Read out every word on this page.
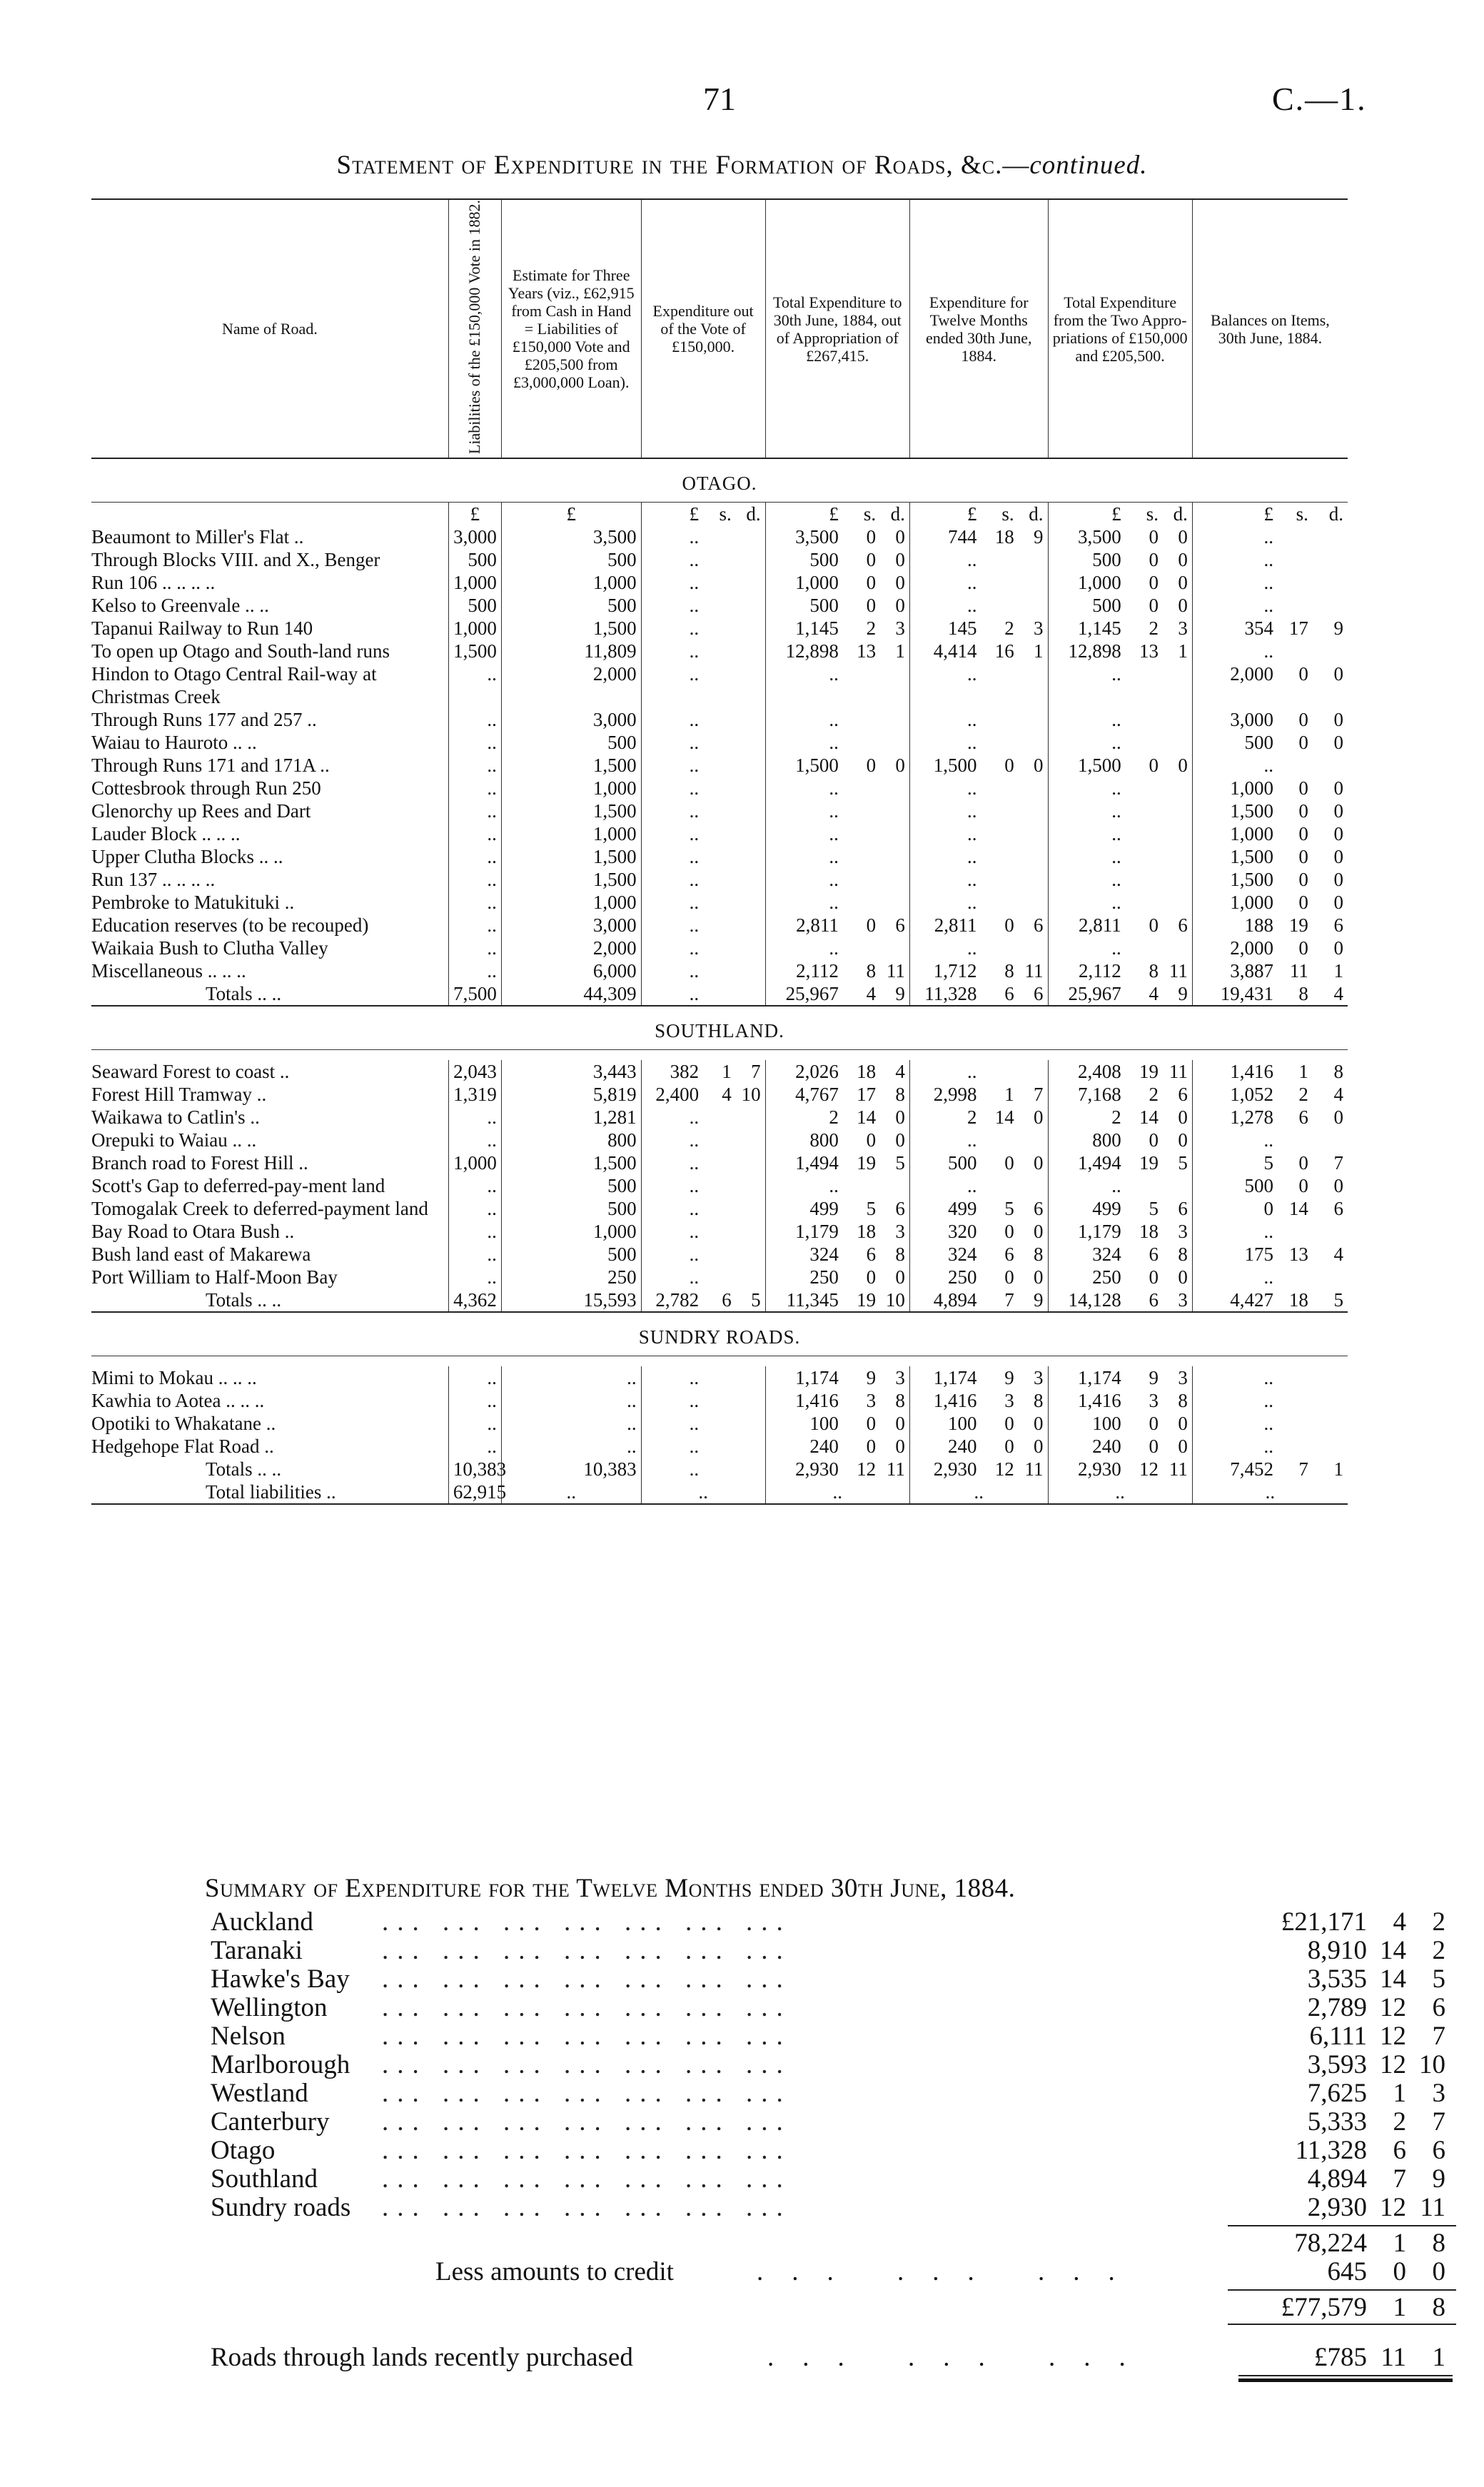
71	C.—1.
Statement of Expenditure in the Formation of Roads, &c.—continued.
Name of Road.	Liabilities of the £150,000 Vote in 1882.	Estimate for Three Years (viz., £62,915 from Cash in Hand = Liabilities of £150,000 Vote and £205,500 from £3,000,000 Loan).	Expenditure out of the Vote of £150,000.			Total Expenditure to 30th June, 1884, out of Appropriation of £267,415.			Expenditure for Twelve Months ended 30th June, 1884.			Total Expenditure from the Two Appropriations of £150,000 and £205,500.			Balances on Items, 30th June, 1884.		
OTAGO.																	
	£	£	£	s.	d.	£	s.	d.	£	s.	d.	£	s.	d.	£	s.	d.
Beaumont to Miller's Flat ..	3,000	3,500	..			3,500	0	0	744	18	9	3,500	0	0	..		
Through Blocks VIII. and X., Benger	500	500	..			500	0	0	..			500	0	0	..		
Run 106 .. .. .. ..	1,000	1,000	..			1,000	0	0	..			1,000	0	0	..		
Kelso to Greenvale .. ..	500	500	..			500	0	0	..			500	0	0	..		
Tapanui Railway to Run 140	1,000	1,500	..			1,145	2	3	145	2	3	1,145	2	3	354	17	9
To open up Otago and South-land runs	1,500	11,809	..			12,898	13	1	4,414	16	1	12,898	13	1	..		
Hindon to Otago Central Rail-way at Christmas Creek	..	2,000	..			..			..			..			2,000	0	0
Through Runs 177 and 257 ..	..	3,000	..			..			..			..			3,000	0	0
Waiau to Hauroto .. ..	..	500	..			..			..			..			500	0	0
Through Runs 171 and 171A ..	..	1,500	..			1,500	0	0	1,500	0	0	1,500	0	0	..		
Cottesbrook through Run 250	..	1,000	..			..			..			..			1,000	0	0
Glenorchy up Rees and Dart	..	1,500	..			..			..			..			1,500	0	0
Lauder Block .. .. ..	..	1,000	..			..			..			..			1,000	0	0
Upper Clutha Blocks .. ..	..	1,500	..			..			..			..			1,500	0	0
Run 137 .. .. .. ..	..	1,500	..			..			..			..			1,500	0	0
Pembroke to Matukituki ..	..	1,000	..			..			..			..			1,000	0	0
Education reserves (to be recouped)	..	3,000	..			2,811	0	6	2,811	0	6	2,811	0	6	188	19	6
Waikaia Bush to Clutha Valley	..	2,000	..			..			..			..			2,000	0	0
Miscellaneous .. .. ..	..	6,000	..			2,112	8	11	1,712	8	11	2,112	8	11	3,887	11	1
Totals .. ..	7,500	44,309	..			25,967	4	9	11,328	6	6	25,967	4	9	19,431	8	4

SOUTHLAND.																	

Seaward Forest to coast ..	2,043	3,443	382	1	7	2,026	18	4	..			2,408	19	11	1,416	1	8
Forest Hill Tramway ..	1,319	5,819	2,400	4	10	4,767	17	8	2,998	1	7	7,168	2	6	1,052	2	4
Waikawa to Catlin's ..	..	1,281	..			2	14	0	2	14	0	2	14	0	1,278	6	0
Orepuki to Waiau .. ..	..	800	..			800	0	0	..			800	0	0	..		
Branch road to Forest Hill ..	1,000	1,500	..			1,494	19	5	500	0	0	1,494	19	5	5	0	7
Scott's Gap to deferred-pay-ment land	..	500	..			..			..			..			500	0	0
Tomogalak Creek to deferred-payment land	..	500	..			499	5	6	499	5	6	499	5	6	0	14	6
Bay Road to Otara Bush ..	..	1,000	..			1,179	18	3	320	0	0	1,179	18	3	..		
Bush land east of Makarewa	..	500	..			324	6	8	324	6	8	324	6	8	175	13	4
Port William to Half-Moon Bay	..	250	..			250	0	0	250	0	0	250	0	0	..		
Totals .. ..	4,362	15,593	2,782	6	5	11,345	19	10	4,894	7	9	14,128	6	3	4,427	18	5

SUNDRY ROADS.																	

Mimi to Mokau .. .. ..	..	..	..			1,174	9	3	1,174	9	3	1,174	9	3	..		
Kawhia to Aotea .. .. ..	..	..	..			1,416	3	8	1,416	3	8	1,416	3	8	..		
Opotiki to Whakatane ..	..	..	..			100	0	0	100	0	0	100	0	0	..		
Hedgehope Flat Road ..	..	..	..			240	0	0	240	0	0	240	0	0	..		
Totals .. ..	10,383	10,383	..			2,930	12	11	2,930	12	11	2,930	12	11	7,452	7	1
Total liabilities ..	62,915	..	..			..			..			..			..		
Summary of Expenditure for the Twelve Months ended 30th June, 1884.
Auckland	... ... ... ... ... ... ...	£21,171 4 2
Taranaki	... ... ... ... ... ... ...	8,910 14 2
Hawke's Bay	... ... ... ... ... ... ...	3,535 14 5
Wellington	... ... ... ... ... ... ...	2,789 12 6
Nelson	... ... ... ... ... ... ...	6,111 12 7
Marlborough	... ... ... ... ... ... ...	3,593 12 10
Westland	... ... ... ... ... ... ...	7,625 1 3
Canterbury	... ... ... ... ... ... ...	5,333 2 7
Otago	... ... ... ... ... ... ...	11,328 6 6
Southland	... ... ... ... ... ... ...	4,894 7 9
Sundry roads	... ... ... ... ... ... ...	2,930 12 11
78,224 1 8
Less amounts to credit	... ... ...	645 0 0
£77,579 1 8
Roads through lands recently purchased	... ... ...	£785 11 1
